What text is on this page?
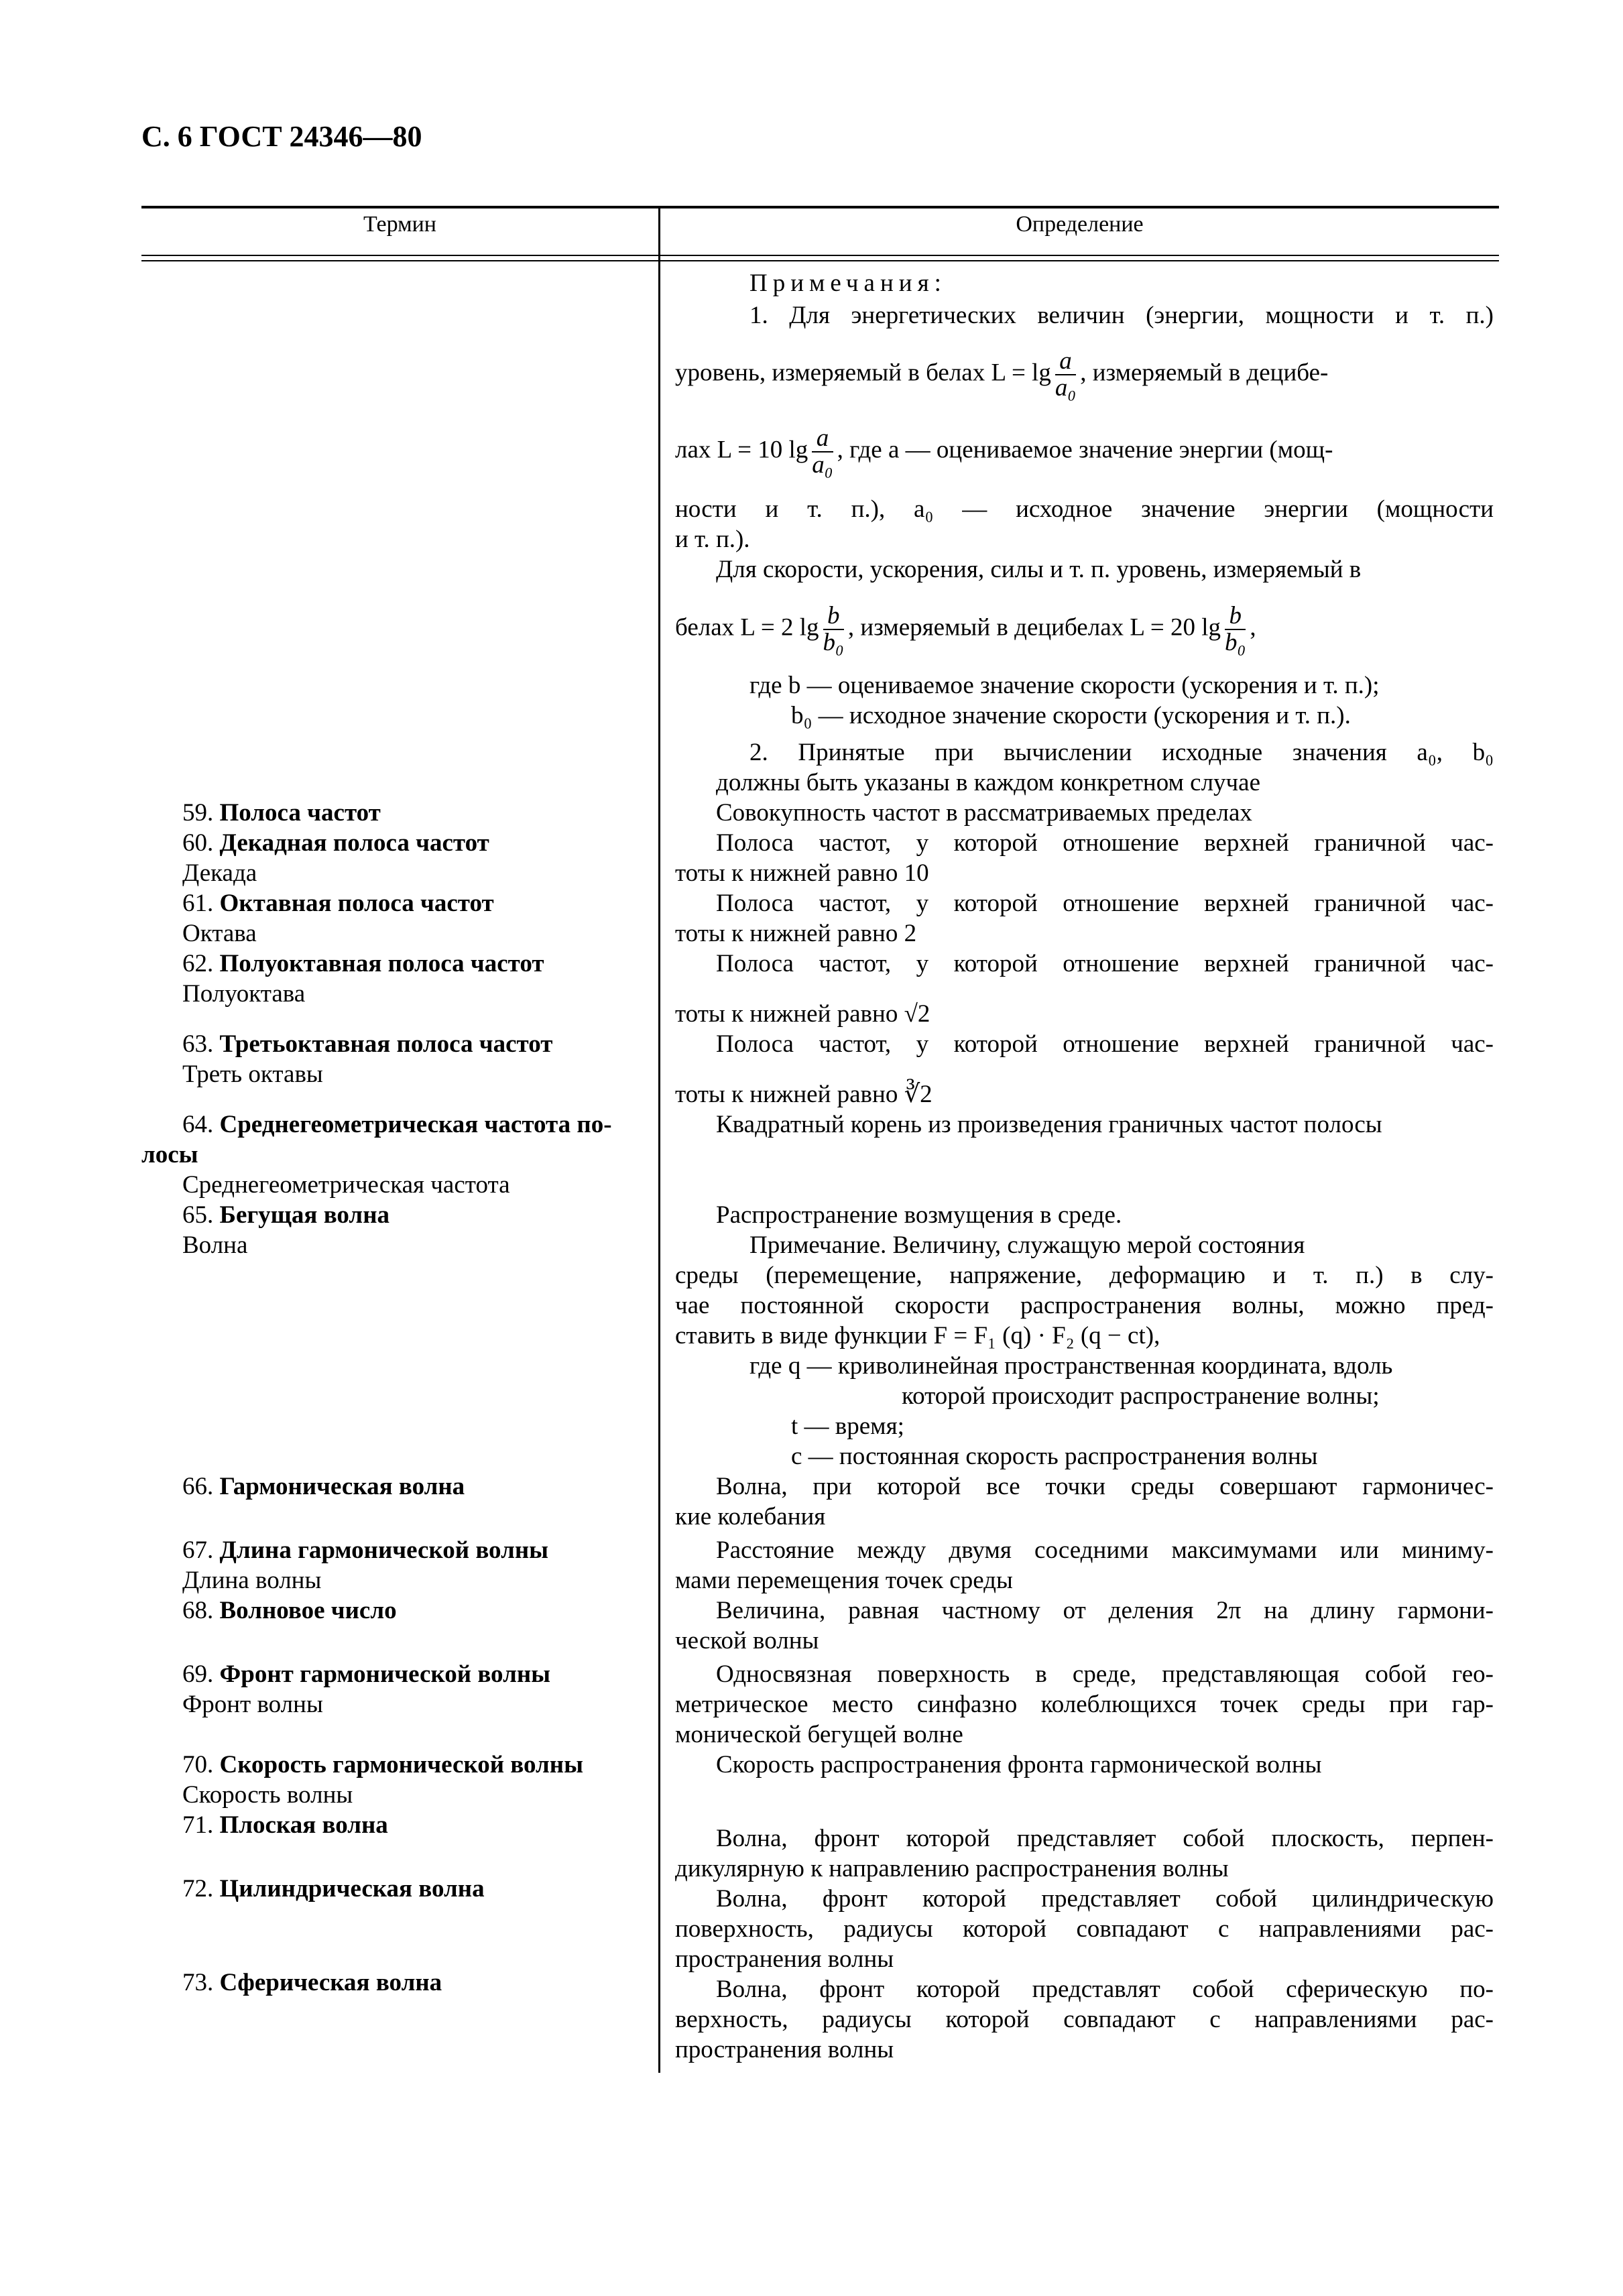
С. 6 ГОСТ 24346—80
Термин	Определение
Примечания:
1. Для энергетических величин (энергии, мощности и т. п.)
уровень, измеряемый в белах $L = \lg \frac{a}{\text{a₀}}$ , измеряемый в децибе-
лах L = 10 $\lg \frac{a}{\text{a₀}}$ , где a — оцениваемое значение энергии (мощ-
ности и т. п.), a₀ — исходное значение энергии (мощности
и т. п.).
Для скорости, ускорения, силы и т. п. уровень, измеряемый в
белах L = 2 $\lg \frac{b}{\text{b₀}}$ , измеряемый в децибелах L = 20 $\lg \frac{b}{\text{b₀}}$ ,
где b — оцениваемое значение скорости (ускорения и т. п.);
b₀ — исходное значение скорости (ускорения и т. п.).
2. Принятые при вычислении исходные значения a₀, b₀
должны быть указаны в каждом конкретном случае
59. Полоса частот
60. Декадная полоса частот
Декада
61. Октавная полоса частот
Октава
62. Полуоктавная полоса частот
Полуоктава
63. Третьоктавная полоса частот
Треть октавы
64. Среднегеометрическая частота по-
лосы
Среднегеометрическая частота
65. Бегущая волна
Волна
66. Гармоническая волна
67. Длина гармонической волны
Длина волны
68. Волновое число
69. Фронт гармонической волны
Фронт волны
70. Скорость гармонической волны
Скорость волны
71. Плоская волна
72. Цилиндрическая волна
73. Сферическая волна
Совокупность частот в рассматриваемых пределах
Полоса частот, у которой отношение верхней граничной час-
тоты к нижней равно 10
Полоса частот, у которой отношение верхней граничной час-
тоты к нижней равно 2
Полоса частот, у которой отношение верхней граничной час-
тоты к нижней равно √2
Полоса частот, у которой отношение верхней граничной час-
тоты к нижней равно ∛2
Квадратный корень из произведения граничных частот полосы
Распространение возмущения в среде.
Примечание. Величину, служащую мерой состояния
среды (перемещение, напряжение, деформацию и т. п.) в слу-
чае постоянной скорости распространения волны, можно пред-
ставить в виде функции F = F₁ (q) · F₂ (q − ct),
где q — криволинейная пространственная координата, вдоль
которой происходит распространение волны;
t — время;
c — постоянная скорость распространения волны
Волна, при которой все точки среды совершают гармоничес-
кие колебания
Расстояние между двумя соседними максимумами или миниму-
мами перемещения точек среды
Величина, равная частному от деления 2π на длину гармони-
ческой волны
Односвязная поверхность в среде, представляющая собой гео-
метрическое место синфазно колеблющихся точек среды при гар-
монической бегущей волне
Скорость распространения фронта гармонической волны
Волна, фронт которой представляет собой плоскость, перпен-
дикулярную к направлению распространения волны
Волна, фронт которой представляет собой цилиндрическую
поверхность, радиусы которой совпадают с направлениями рас-
пространения волны
Волна, фронт которой представлят собой сферическую по-
верхность, радиусы которой совпадают с направлениями рас-
пространения волны
